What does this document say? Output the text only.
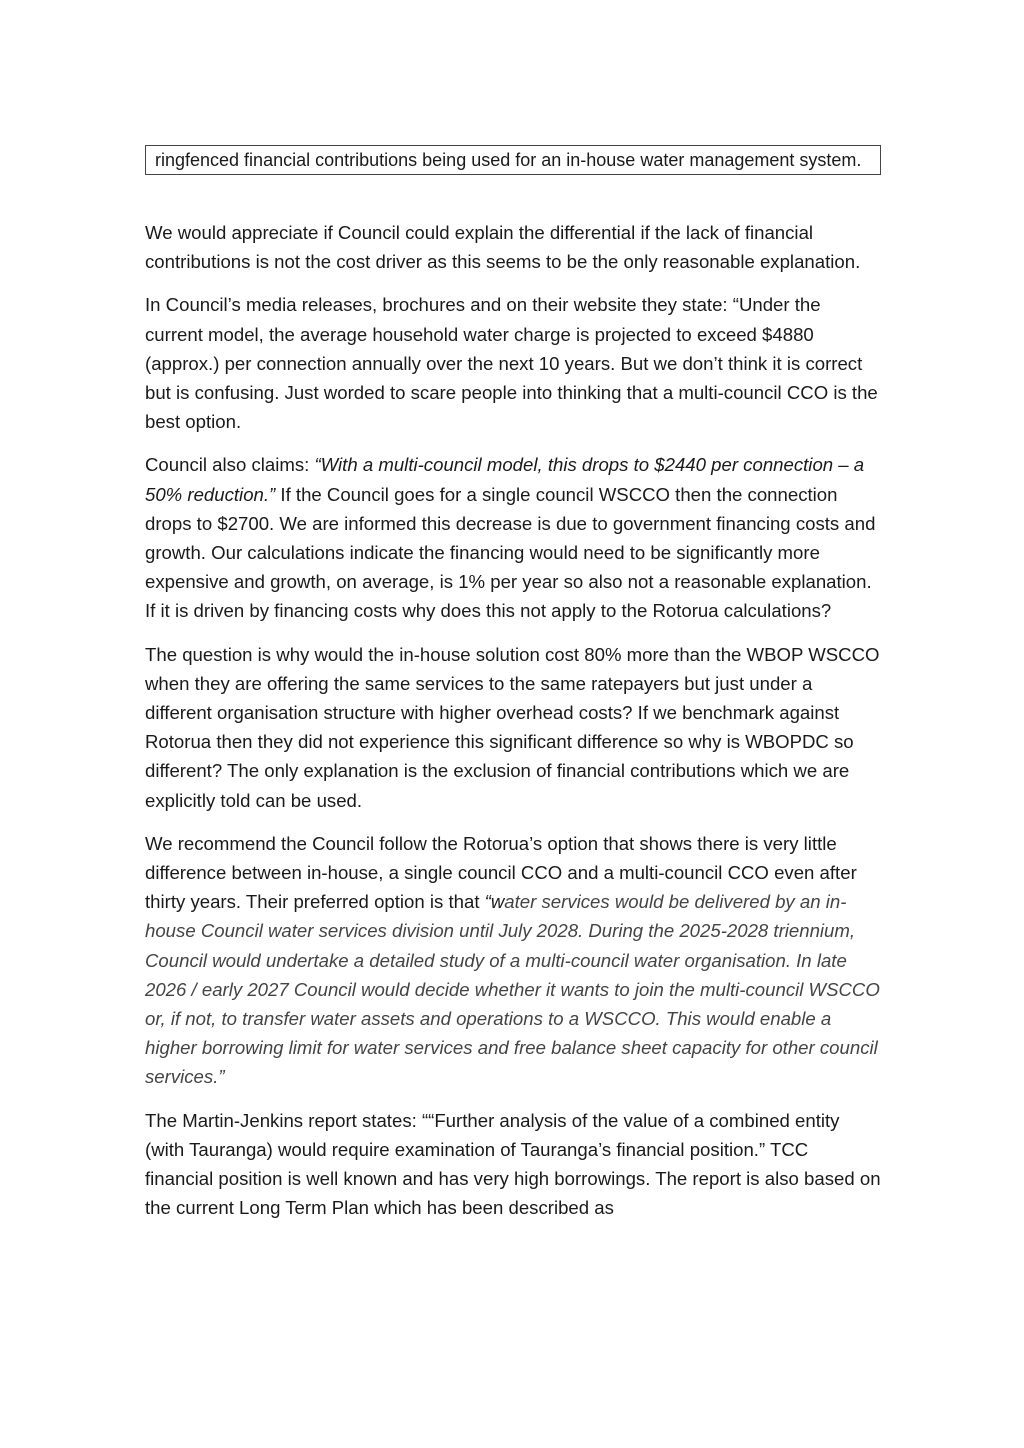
ringfenced financial contributions being used for an in-house water management system.

We would appreciate if Council could explain the differential if the lack of financial contributions is not the cost driver as this seems to be the only reasonable explanation.

In Council’s media releases, brochures and on their website they state: “Under the current model, the average household water charge is projected to exceed $4880 (approx.) per connection annually over the next 10 years. But we don’t think it is correct but is confusing. Just worded to scare people into thinking that a multi-council CCO is the best option.

Council also claims: “With a multi-council model, this drops to $2440 per connection – a 50% reduction.” If the Council goes for a single council WSCCO then the connection drops to $2700. We are informed this decrease is due to government financing costs and growth. Our calculations indicate the financing would need to be significantly more expensive and growth, on average, is 1% per year so also not a reasonable explanation. If it is driven by financing costs why does this not apply to the Rotorua calculations?

The question is why would the in-house solution cost 80% more than the WBOP WSCCO when they are offering the same services to the same ratepayers but just under a different organisation structure with higher overhead costs? If we benchmark against Rotorua then they did not experience this significant difference so why is WBOPDC so different? The only explanation is the exclusion of financial contributions which we are explicitly told can be used.

We recommend the Council follow the Rotorua’s option that shows there is very little difference between in-house, a single council CCO and a multi-council CCO even after thirty years. Their preferred option is that “water services would be delivered by an in-house Council water services division until July 2028. During the 2025-2028 triennium, Council would undertake a detailed study of a multi-council water organisation. In late 2026 / early 2027 Council would decide whether it wants to join the multi-council WSCCO or, if not, to transfer water assets and operations to a WSCCO. This would enable a higher borrowing limit for water services and free balance sheet capacity for other council services.”

The Martin-Jenkins report states: ““Further analysis of the value of a combined entity (with Tauranga) would require examination of Tauranga’s financial position.” TCC financial position is well known and has very high borrowings. The report is also based on the current Long Term Plan which has been described as
